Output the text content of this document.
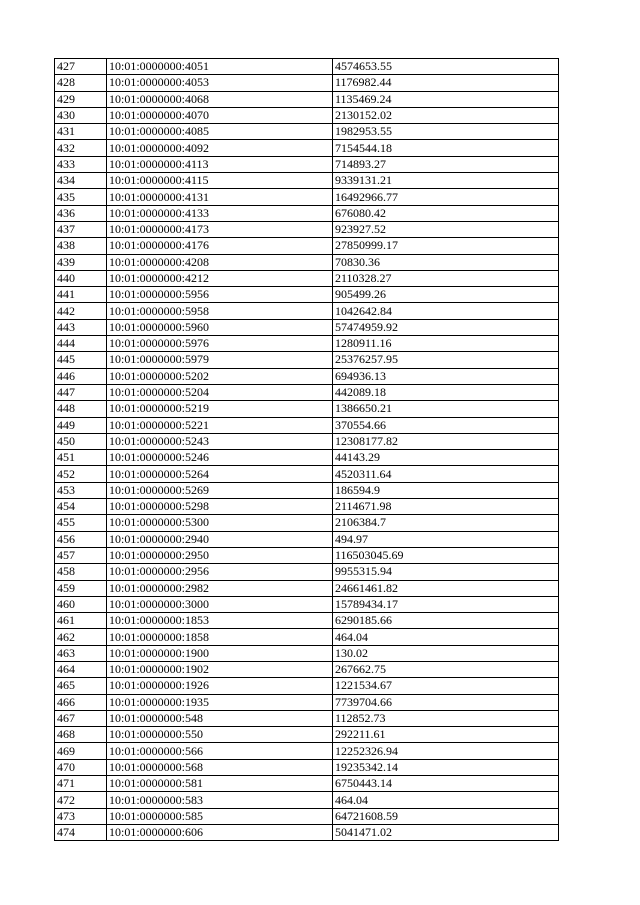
427	10:01:0000000:4051	4574653.55
428	10:01:0000000:4053	1176982.44
429	10:01:0000000:4068	1135469.24
430	10:01:0000000:4070	2130152.02
431	10:01:0000000:4085	1982953.55
432	10:01:0000000:4092	7154544.18
433	10:01:0000000:4113	714893.27
434	10:01:0000000:4115	9339131.21
435	10:01:0000000:4131	16492966.77
436	10:01:0000000:4133	676080.42
437	10:01:0000000:4173	923927.52
438	10:01:0000000:4176	27850999.17
439	10:01:0000000:4208	70830.36
440	10:01:0000000:4212	2110328.27
441	10:01:0000000:5956	905499.26
442	10:01:0000000:5958	1042642.84
443	10:01:0000000:5960	57474959.92
444	10:01:0000000:5976	1280911.16
445	10:01:0000000:5979	25376257.95
446	10:01:0000000:5202	694936.13
447	10:01:0000000:5204	442089.18
448	10:01:0000000:5219	1386650.21
449	10:01:0000000:5221	370554.66
450	10:01:0000000:5243	12308177.82
451	10:01:0000000:5246	44143.29
452	10:01:0000000:5264	4520311.64
453	10:01:0000000:5269	186594.9
454	10:01:0000000:5298	2114671.98
455	10:01:0000000:5300	2106384.7
456	10:01:0000000:2940	494.97
457	10:01:0000000:2950	116503045.69
458	10:01:0000000:2956	9955315.94
459	10:01:0000000:2982	24661461.82
460	10:01:0000000:3000	15789434.17
461	10:01:0000000:1853	6290185.66
462	10:01:0000000:1858	464.04
463	10:01:0000000:1900	130.02
464	10:01:0000000:1902	267662.75
465	10:01:0000000:1926	1221534.67
466	10:01:0000000:1935	7739704.66
467	10:01:0000000:548	112852.73
468	10:01:0000000:550	292211.61
469	10:01:0000000:566	12252326.94
470	10:01:0000000:568	19235342.14
471	10:01:0000000:581	6750443.14
472	10:01:0000000:583	464.04
473	10:01:0000000:585	64721608.59
474	10:01:0000000:606	5041471.02
